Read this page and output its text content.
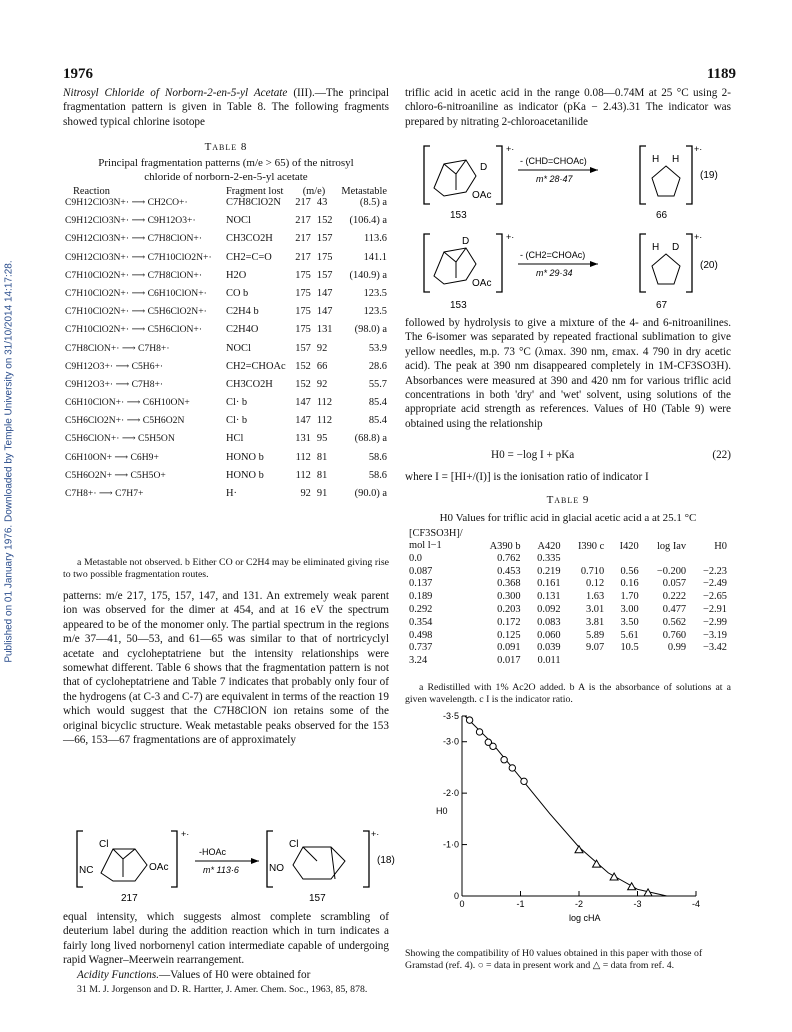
1976	1189
Published on 01 January 1976. Downloaded by Temple University on 31/10/2014 14:17:28.
Nitrosyl Chloride of Norborn-2-en-5-yl Acetate (III).—The principal fragmentation pattern is given in Table 8. The following fragments showed typical chlorine isotope
Table 8
Principal fragmentation patterns (m/e > 65) of the nitrosyl chloride of norborn-2-en-5-yl acetate
Reaction	Fragment lost	(m/e)		Metastable
C9H12ClO3N+· ⟶ CH2CO+·	C7H8ClO2N	217	43	(8.5) a
C9H12ClO3N+· ⟶ C9H12O3+·	NOCl	217	152	(106.4) a
C9H12ClO3N+· ⟶ C7H8ClON+·	CH3CO2H	217	157	113.6
C9H12ClO3N+· ⟶ C7H10ClO2N+·	CH2=C=O	217	175	141.1
C7H10ClO2N+· ⟶ C7H8ClON+·	H2O	175	157	(140.9) a
C7H10ClO2N+· ⟶ C6H10ClON+·	CO b	175	147	123.5
C7H10ClO2N+· ⟶ C5H6ClO2N+·	C2H4 b	175	147	123.5
C7H10ClO2N+· ⟶ C5H6ClON+·	C2H4O	175	131	(98.0) a
C7H8ClON+· ⟶ C7H8+·	NOCl	157	92	53.9
C9H12O3+· ⟶ C5H6+·	CH2=CHOAc	152	66	28.6
C9H12O3+· ⟶ C7H8+·	CH3CO2H	152	92	55.7
C6H10ClON+· ⟶ C6H10ON+	Cl· b	147	112	85.4
C5H6ClO2N+· ⟶ C5H6O2N	Cl· b	147	112	85.4
C5H6ClON+· ⟶ C5H5ON	HCl	131	95	(68.8) a
C6H10ON+ ⟶ C6H9+	HONO b	112	81	58.6
C5H6O2N+ ⟶ C5H5O+	HONO b	112	81	58.6
C7H8+· ⟶ C7H7+	H·	92	91	(90.0) a
a Metastable not observed. b Either CO or C2H4 may be eliminated giving rise to two possible fragmentation routes.
patterns: m/e 217, 175, 157, 147, and 131. An extremely weak parent ion was observed for the dimer at 454, and at 16 eV the spectrum appeared to be of the monomer only. The partial spectrum in the regions m/e 37—41, 50—53, and 61—65 was similar to that of nortricyclyl acetate and cycloheptatriene but the intensity relationships were somewhat different. Table 6 shows that the fragmentation pattern is not that of cycloheptatriene and Table 7 indicates that probably only four of the hydrogens (at C-3 and C-7) are equivalent in terms of the reaction 19 which would suggest that the C7H8ClON ion retains some of the original bicyclic structure. Weak metastable peaks observed for the 153—66, 153—67 fragmentations are of approximately
+·
Cl
NC	OAc
-HOAc
m* 113·6
+·
Cl
NO
(18)
217	157
equal intensity, which suggests almost complete scrambling of deuterium label during the addition reaction which in turn indicates a fairly long lived norbornenyl cation intermediate capable of undergoing rapid Wagner–Meerwein rearrangement.
Acidity Functions.—Values of H0 were obtained for
31 M. J. Jorgenson and D. R. Hartter, J. Amer. Chem. Soc., 1963, 85, 878.
triflic acid in acetic acid in the range 0.08—0.74M at 25 °C using 2-chloro-6-nitroaniline as indicator (pKa − 2.43).31 The indicator was prepared by nitrating 2-chloroacetanilide
+·
D
OAc
- (CHD=CHOAc)
m* 28·47
+·
H H
(19)
153	66
+·
D
OAc
- (CH2=CHOAc)
m* 29·34
+·
H D
(20)
153	67
followed by hydrolysis to give a mixture of the 4- and 6-nitroanilines. The 6-isomer was separated by repeated fractional sublimation to give yellow needles, m.p. 73 °C (λmax. 390 nm, εmax. 4 790 in dry acetic acid). The peak at 390 nm disappeared completely in 1M-CF3SO3H). Absorbances were measured at 390 and 420 nm for various triflic acid concentrations in both 'dry' and 'wet' solvent, using solutions of the appropriate acid strength as references. Values of H0 (Table 9) were obtained using the relationship
H0 = −log I + pKa	(22)
where I = [HI+/(I)] is the ionisation ratio of indicator I
Table 9
H0 Values for triflic acid in glacial acetic acid a at 25.1 °C
[CF3SO3H]/ mol l−1	A390 b	A420	I390 c	I420	log Iav	H0
0.0	0.762	0.335				
0.087	0.453	0.219	0.710	0.56	−0.200	−2.23
0.137	0.368	0.161	0.12	0.16	0.057	−2.49
0.189	0.300	0.131	1.63	1.70	0.222	−2.65
0.292	0.203	0.092	3.01	3.00	0.477	−2.91
0.354	0.172	0.083	3.81	3.50	0.562	−2.99
0.498	0.125	0.060	5.89	5.61	0.760	−3.19
0.737	0.091	0.039	9.07	10.5	0.99	−3.42
3.24	0.017	0.011				
a Redistilled with 1% Ac2O added. b A is the absorbance of solutions at a given wavelength. c I is the indicator ratio.
0	-1	-2	-3	-4
0
-1·0
-2·0
-3·0
-3·5
log cHA
H0
Showing the compatibility of H0 values obtained in this paper with those of Gramstad (ref. 4). ○ = data in present work and △ = data from ref. 4.
